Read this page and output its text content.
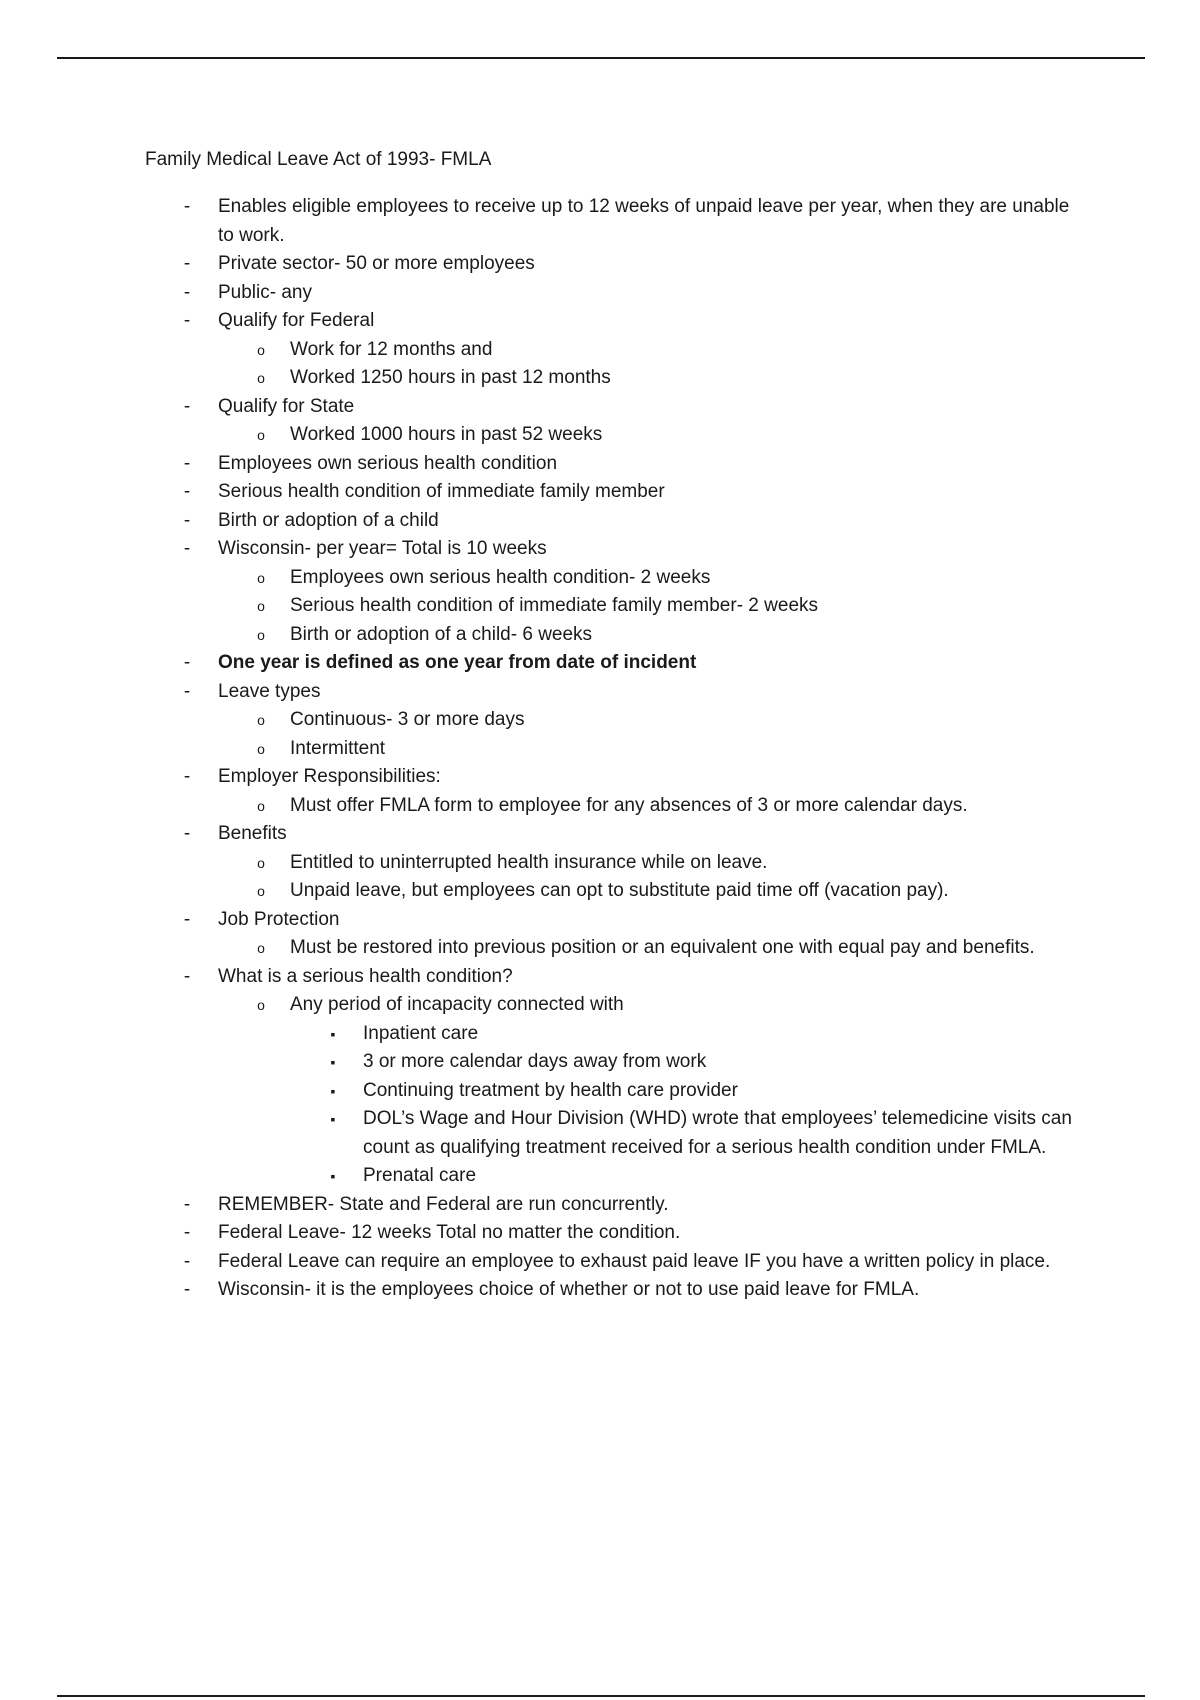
Family Medical Leave Act of 1993- FMLA
- Enables eligible employees to receive up to 12 weeks of unpaid leave per year, when they are unable to work.
- Private sector- 50 or more employees
- Public- any
- Qualify for Federal
o Work for 12 months and
o Worked 1250 hours in past 12 months
- Qualify for State
o Worked 1000 hours in past 52 weeks
- Employees own serious health condition
- Serious health condition of immediate family member
- Birth or adoption of a child
- Wisconsin- per year= Total is 10 weeks
o Employees own serious health condition- 2 weeks
o Serious health condition of immediate family member- 2 weeks
o Birth or adoption of a child- 6 weeks
- One year is defined as one year from date of incident
- Leave types
o Continuous- 3 or more days
o Intermittent
- Employer Responsibilities:
o Must offer FMLA form to employee for any absences of 3 or more calendar days.
- Benefits
o Entitled to uninterrupted health insurance while on leave.
o Unpaid leave, but employees can opt to substitute paid time off (vacation pay).
- Job Protection
o Must be restored into previous position or an equivalent one with equal pay and benefits.
- What is a serious health condition?
o Any period of incapacity connected with
▪ Inpatient care
▪ 3 or more calendar days away from work
▪ Continuing treatment by health care provider
▪ DOL’s Wage and Hour Division (WHD) wrote that employees’ telemedicine visits can count as qualifying treatment received for a serious health condition under FMLA.
▪ Prenatal care
- REMEMBER- State and Federal are run concurrently.
- Federal Leave- 12 weeks Total no matter the condition.
- Federal Leave can require an employee to exhaust paid leave IF you have a written policy in place.
- Wisconsin- it is the employees choice of whether or not to use paid leave for FMLA.
